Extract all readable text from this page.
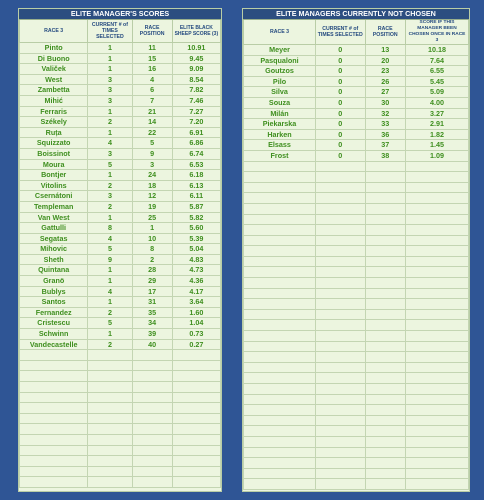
ELITE MANAGER'S SCORES
RACE 3	CURRENT # of TIMES SELECTED	RACE POSITION	ELITE BLACK SHEEP SCORE (3)
Pinto	1	11	10.91
Di Buono	1	15	9.45
Valiček	1	16	9.09
West	3	4	8.54
Zambetta	3	6	7.82
Mihić	3	7	7.46
Ferraris	1	21	7.27
Székely	2	14	7.20
Ruța	1	22	6.91
Squizzato	4	5	6.86
Boissinot	3	9	6.74
Moura	5	3	6.53
Bontjer	1	24	6.18
Vitolins	2	18	6.13
Csernátoni	3	12	6.11
Templeman	2	19	5.87
Van West	1	25	5.82
Gattulli	8	1	5.60
Segatas	4	10	5.39
Mihovic	5	8	5.04
Sheth	9	2	4.83
Quintana	1	28	4.73
Granö	1	29	4.36
Bublys	4	17	4.17
Santos	1	31	3.64
Fernandez	2	35	1.60
Cristescu	5	34	1.04
Schwinn	1	39	0.73
Vandecastelle	2	40	0.27

ELITE MANAGERS CURRENTLY NOT CHOSEN
RACE 3	CURRENT # of TIMES SELECTED	RACE POSITION	SCORE IF THIS MANAGER BEEN CHOSEN ONCE IN RACE 3
Meyer	0	13	10.18
Pasqualoni	0	20	7.64
Goutzos	0	23	6.55
Pilo	0	26	5.45
Silva	0	27	5.09
Souza	0	30	4.00
Milán	0	32	3.27
Piekarska	0	33	2.91
Harken	0	36	1.82
Elsass	0	37	1.45
Frost	0	38	1.09
